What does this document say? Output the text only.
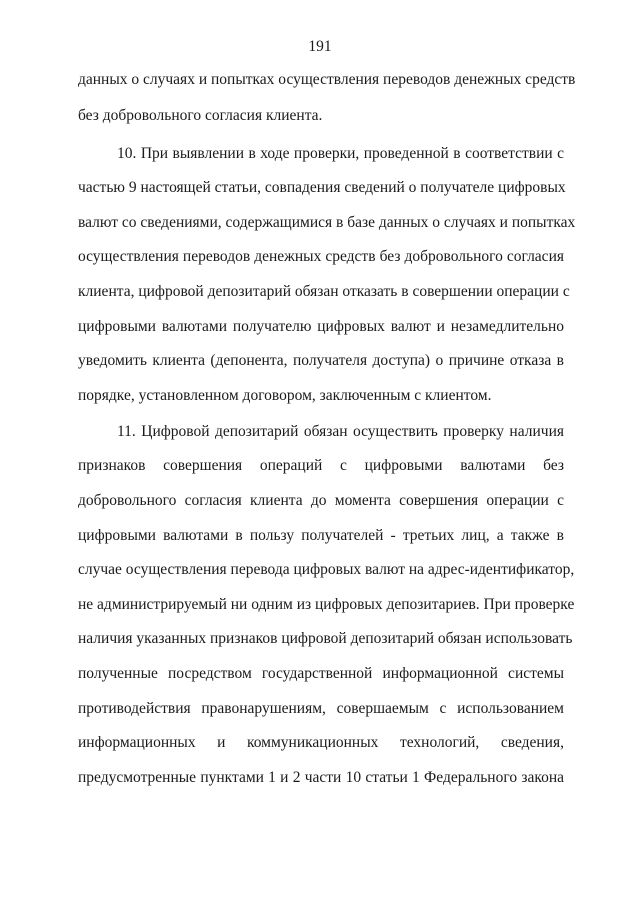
191
данных о случаях и попытках осуществления переводов денежных средств
без добровольного согласия клиента.
10. При выявлении в ходе проверки, проведенной в соответствии с
частью 9 настоящей статьи, совпадения сведений о получателе цифровых
валют со сведениями, содержащимися в базе данных о случаях и попытках
осуществления переводов денежных средств без добровольного согласия
клиента, цифровой депозитарий обязан отказать в совершении операции с
цифровыми валютами получателю цифровых валют и незамедлительно
уведомить клиента (депонента, получателя доступа) о причине отказа в
порядке, установленном договором, заключенным с клиентом.
11. Цифровой депозитарий обязан осуществить проверку наличия
признаков совершения операций с цифровыми валютами без
добровольного согласия клиента до момента совершения операции с
цифровыми валютами в пользу получателей - третьих лиц, а также в
случае осуществления перевода цифровых валют на адрес-идентификатор,
не администрируемый ни одним из цифровых депозитариев. При проверке
наличия указанных признаков цифровой депозитарий обязан использовать
полученные посредством государственной информационной системы
противодействия правонарушениям, совершаемым с использованием
информационных и коммуникационных технологий, сведения,
предусмотренные пунктами 1 и 2 части 10 статьи 1 Федерального закона
